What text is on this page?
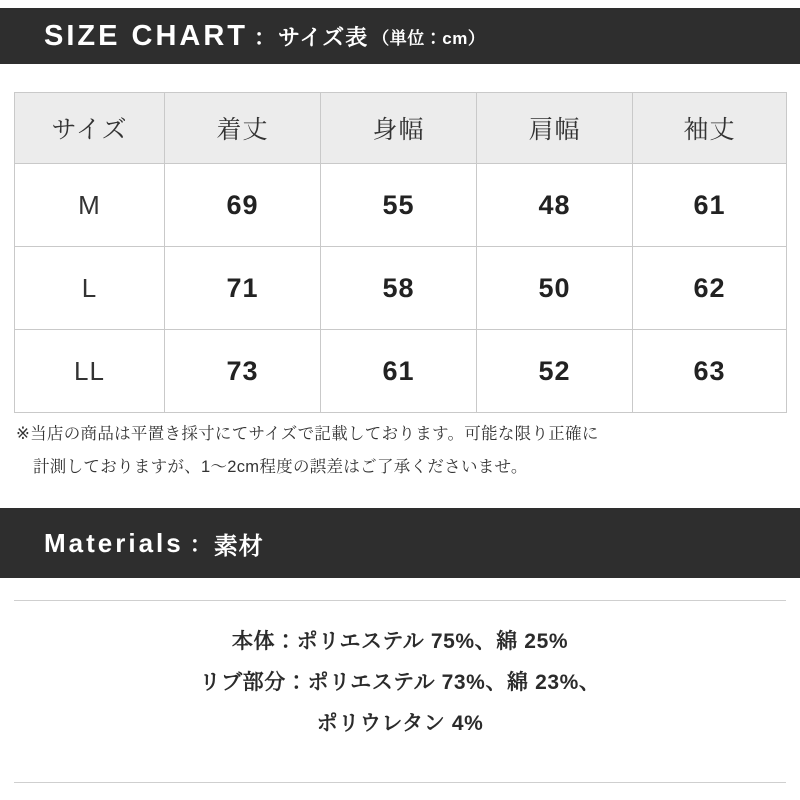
SIZE CHART ： サイズ表 （単位：cm）
サイズ	着丈	身幅	肩幅	袖丈
M	69	55	48	61
L	71	58	50	62
LL	73	61	52	63
※当店の商品は平置き採寸にてサイズで記載しております。可能な限り正確に
計測しておりますが、1〜2cm程度の誤差はご了承くださいませ。
Materials ： 素材
本体：ポリエステル 75%、綿 25%
リブ部分：ポリエステル 73%、綿 23%、
ポリウレタン 4%
